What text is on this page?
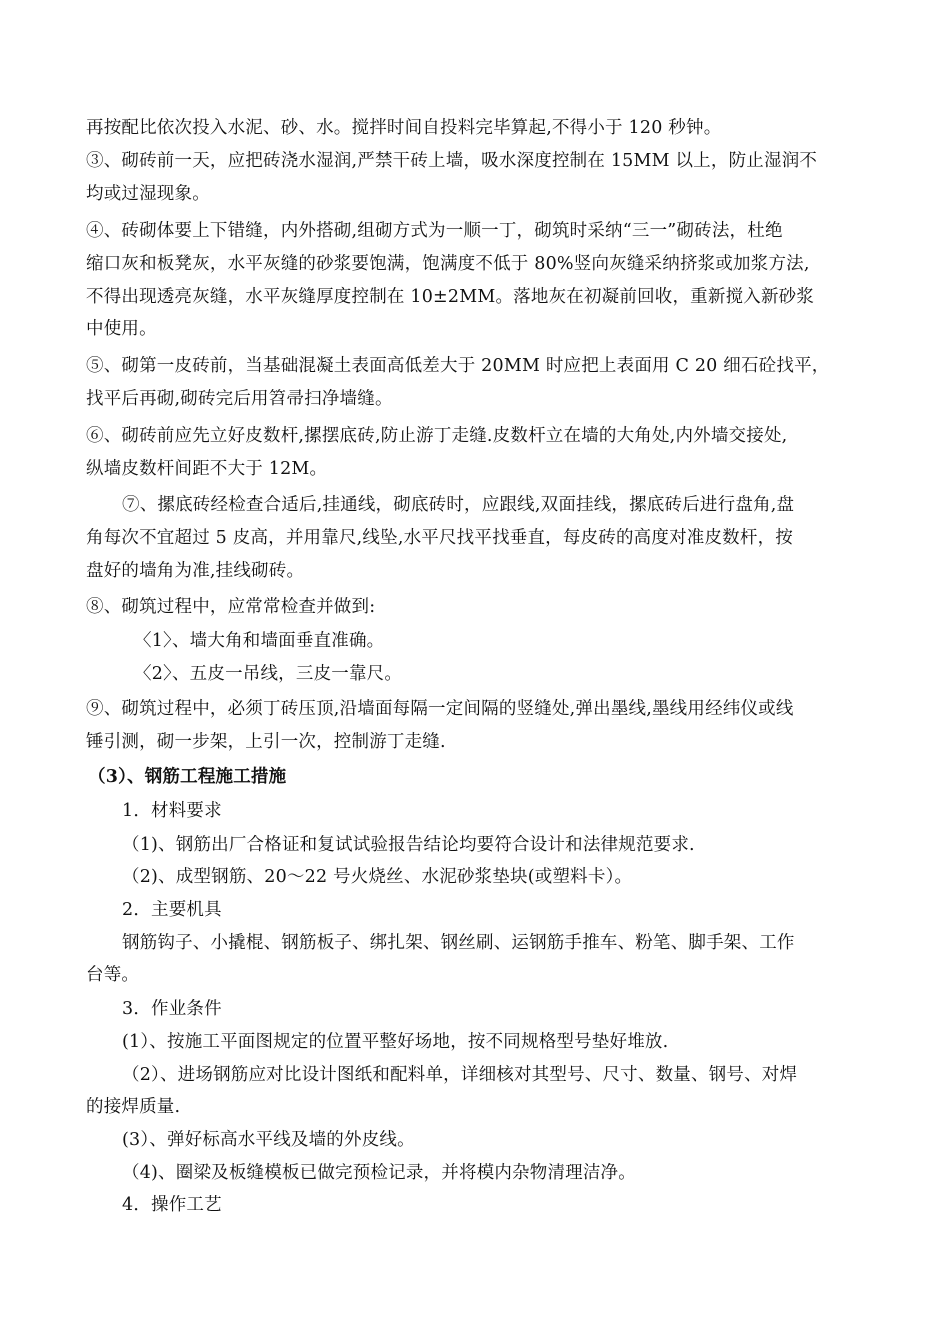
再按配比依次投入水泥、砂、水。搅拌时间自投料完毕算起,不得小于 120 秒钟。
③、砌砖前一天，应把砖浇水湿润,严禁干砖上墙，吸水深度控制在 15MM 以上，防止湿润不
均或过湿现象。
④、砖砌体要上下错缝，内外搭砌,组砌方式为一顺一丁，砌筑时采纳“三一”砌砖法，杜绝
缩口灰和板凳灰，水平灰缝的砂浆要饱满，饱满度不低于 80%竖向灰缝采纳挤浆或加浆方法,
不得出现透亮灰缝，水平灰缝厚度控制在 10±2MM。落地灰在初凝前回收，重新搅入新砂浆
中使用。
⑤、砌第一皮砖前，当基础混凝土表面高低差大于 20MM 时应把上表面用 C 20 细石砼找平，
找平后再砌,砌砖完后用笤帚扫净墙缝。
⑥、砌砖前应先立好皮数杆,摞摆底砖,防止游丁走缝.皮数杆立在墙的大角处,内外墙交接处,
纵墙皮数杆间距不大于 12M。
⑦、摞底砖经检查合适后,挂通线，砌底砖时，应跟线,双面挂线，摞底砖后进行盘角,盘
角每次不宜超过 5 皮高，并用靠尺,线坠,水平尺找平找垂直，每皮砖的高度对准皮数杆，按
盘好的墙角为准,挂线砌砖。
⑧、砌筑过程中，应常常检查并做到:
〈1〉、墙大角和墙面垂直准确。
〈2〉、五皮一吊线，三皮一靠尺。
⑨、砌筑过程中，必须丁砖压顶,沿墙面每隔一定间隔的竖缝处,弹出墨线,墨线用经纬仪或线
锤引测，砌一步架，上引一次，控制游丁走缝.
（3）、钢筋工程施工措施
1．材料要求
（1)、钢筋出厂合格证和复试试验报告结论均要符合设计和法律规范要求.
（2)、成型钢筋、20～22 号火烧丝、水泥砂浆垫块(或塑料卡）。
2．主要机具
钢筋钩子、小撬棍、钢筋板子、绑扎架、钢丝刷、运钢筋手推车、粉笔、脚手架、工作
台等。
3．作业条件
(1）、按施工平面图规定的位置平整好场地，按不同规格型号垫好堆放.
（2）、进场钢筋应对比设计图纸和配料单，详细核对其型号、尺寸、数量、钢号、对焊
的接焊质量.
(3）、弹好标高水平线及墙的外皮线。
（4)、圈梁及板缝模板已做完预检记录，并将模内杂物清理洁净。
4．操作工艺
